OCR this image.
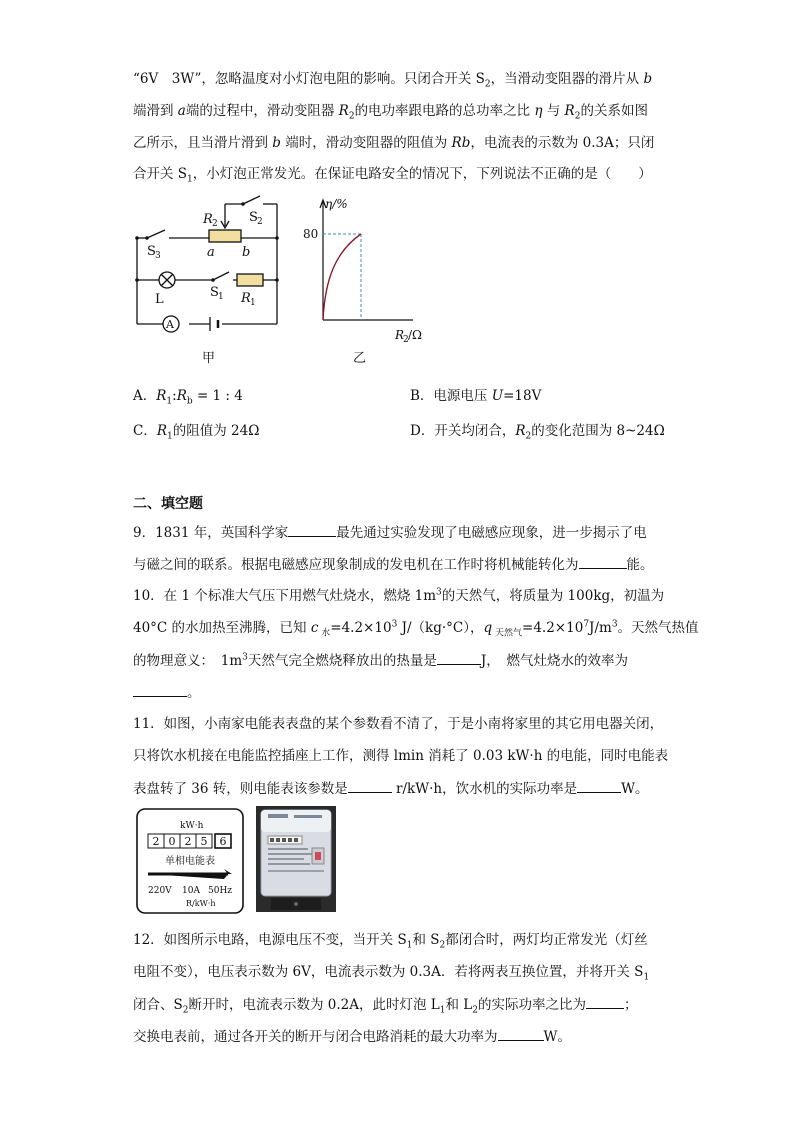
“6V　3W”，忽略温度对小灯泡电阻的影响。只闭合开关 $S_2$，当滑动变阻器的滑片从 b
端滑到 a端的过程中，滑动变阻器 $R_2$的电功率跟电路的总功率之比 η 与 $R_2$的关系如图
乙所示，且当滑片滑到 b 端时，滑动变阻器的阻值为 Rb，电流表的示数为 0.3A；只闭
合开关 $S_1$，小灯泡正常发光。在保证电路安全的情况下，下列说法不正确的是（　　）
R 2 S 2
S 3	a b
L	S 1 R 1
A
甲
η/%
80
R
2 /Ω
乙
A．$R_1:R_b = 1$ : 4	B．电源电压 U=18V
C．$R_1$的阻值为 24Ω	D．开关均闭合，$R_2$的变化范围为 8~24Ω
二、填空题
9．1831 年，英国科学家	最先通过实验发现了电磁感应现象，进一步揭示了电
与磁之间的联系。根据电磁感应现象制成的发电机在工作时将机械能转化为	能。
10．在 1 个标准大气压下用燃气灶烧水，燃烧 $1m^3$的天然气，将质量为 100kg，初温为
40°C 的水加热至沸腾，已知 c $_水=4.2\times 10^3$ J/（kg·°C），q $_{天然气}=4.2\times 10^7J/m^3$。天然气热值
的物理意义：　$1m^3$天然气完全燃烧释放出的热量是	J，　燃气灶烧水的效率为
。
11．如图，小南家电能表表盘的某个参数看不清了，于是小南将家里的其它用电器关闭，
只将饮水机接在电能监控插座上工作，测得 lmin 消耗了 0.03 kW·h 的电能，同时电能表
表盘转了 36 转，则电能表该参数是	r/kW·h，饮水机的实际功率是	W。
kW·h
2 0 2 5 6
单相电能表
220V 10A 50Hz
R/kW·h
12．如图所示电路，电源电压不变，当开关 $S_1$和 $S_2$都闭合时，两灯均正常发光（灯丝
电阻不变），电压表示数为 6V，电流表示数为 0.3A．若将两表互换位置，并将开关 $S_1$
闭合、$S_2$断开时，电流表示数为 0.2A，此时灯泡 $L_1$和 $L_2$的实际功率之比为	；
交换电表前，通过各开关的断开与闭合电路消耗的最大功率为	W。
